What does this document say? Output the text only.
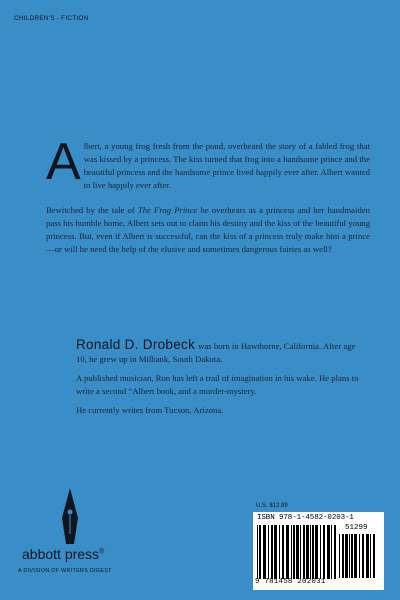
CHILDREN'S - FICTION

Albert, a young frog fresh from the pond, overheard the story of a fabled frog that was kissed by a princess. The kiss turned that frog into a handsome prince and the beautiful princess and the handsome prince lived happily ever after. Albert wanted to live happily ever after.

Bewitched by the tale of The Frog Prince he overhears as a princess and her handmaiden pass his humble home, Albert sets out to claim his destiny and the kiss of the beautiful young princess. But, even if Albert is successful, can the kiss of a princess truly make him a prince—or will he need the help of the elusive and sometimes dangerous fairies as well?

Ronald D. Drobeck was born in Hawthorne, California. After age 10, he grew up in Milbank, South Dakota.

A published musician, Ron has left a trail of imagination in his wake. He plans to write a second “Albert book, and a murder-mystery.

He currently writes from Tucson, Arizona.

abbott press®
A DIVISION OF WRITERS DIGEST
U.S. $12.99
ISBN 978-1-4582-0203-1
51299
9 781458 202031
